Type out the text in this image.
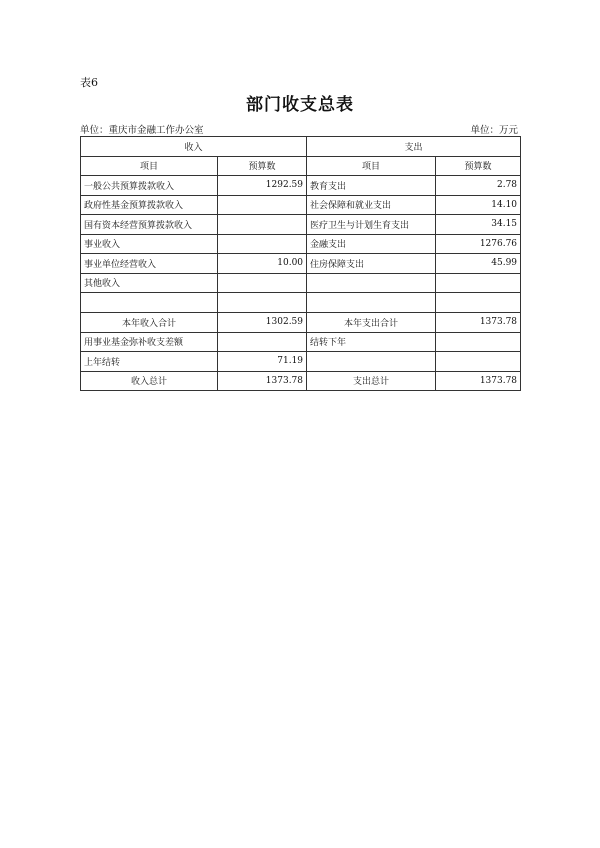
表6
部门收支总表
单位：重庆市金融工作办公室	单位：万元
收入		支出	
项目	预算数	项目	预算数
一般公共预算拨款收入	1292.59	教育支出	2.78
政府性基金预算拨款收入		社会保障和就业支出	14.10
国有资本经营预算拨款收入		医疗卫生与计划生育支出	34.15
事业收入		金融支出	1276.76
事业单位经营收入	10.00	住房保障支出	45.99
其他收入			

本年收入合计	1302.59	本年支出合计	1373.78
用事业基金弥补收支差额		结转下年	
上年结转	71.19		
收入总计	1373.78	支出总计	1373.78
